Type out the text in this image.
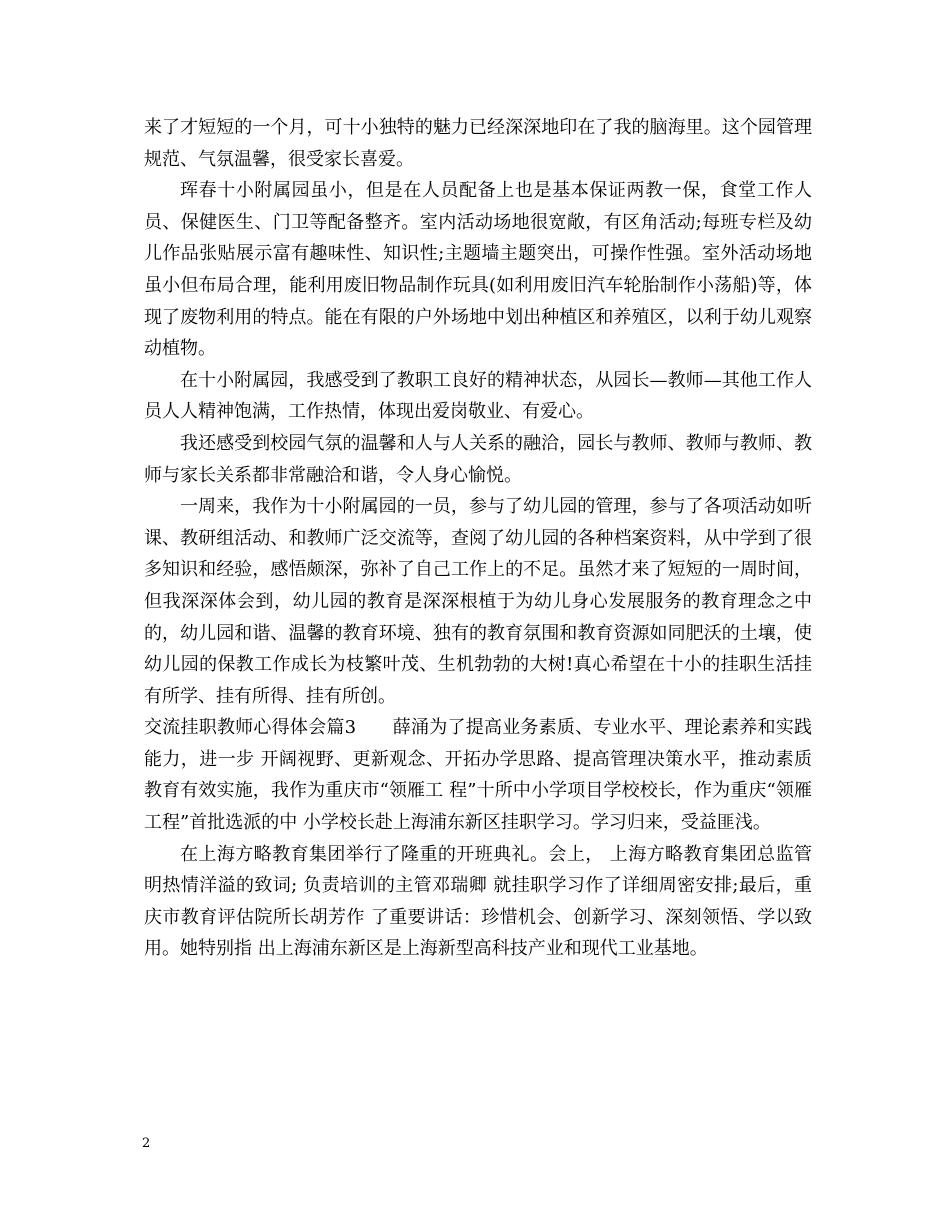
来了才短短的一个月，可十小独特的魅力已经深深地印在了我的脑海里。这个园管理规范、气氛温馨，很受家长喜爱。

珲春十小附属园虽小，但是在人员配备上也是基本保证两教一保，食堂工作人员、保健医生、门卫等配备整齐。室内活动场地很宽敞，有区角活动;每班专栏及幼儿作品张贴展示富有趣味性、知识性;主题墙主题突出，可操作性强。室外活动场地虽小但布局合理，能利用废旧物品制作玩具(如利用废旧汽车轮胎制作小荡船)等，体现了废物利用的特点。能在有限的户外场地中划出种植区和养殖区，以利于幼儿观察动植物。

在十小附属园，我感受到了教职工良好的精神状态，从园长—教师—其他工作人员人人精神饱满，工作热情，体现出爱岗敬业、有爱心。

我还感受到校园气氛的温馨和人与人关系的融洽，园长与教师、教师与教师、教师与家长关系都非常融洽和谐，令人身心愉悦。

一周来，我作为十小附属园的一员，参与了幼儿园的管理，参与了各项活动如听课、教研组活动、和教师广泛交流等，查阅了幼儿园的各种档案资料，从中学到了很多知识和经验，感悟颇深，弥补了自己工作上的不足。虽然才来了短短的一周时间，但我深深体会到，幼儿园的教育是深深根植于为幼儿身心发展服务的教育理念之中的，幼儿园和谐、温馨的教育环境、独有的教育氛围和教育资源如同肥沃的土壤，使幼儿园的保教工作成长为枝繁叶茂、生机勃勃的大树!真心希望在十小的挂职生活挂有所学、挂有所得、挂有所创。

交流挂职教师心得体会篇3　　薛涌为了提高业务素质、专业水平、理论素养和实践能力，进一步 开阔视野、更新观念、开拓办学思路、提高管理决策水平，推动素质 教育有效实施，我作为重庆市“领雁工 程”十所中小学项目学校校长，作为重庆“领雁工程”首批选派的中 小学校长赴上海浦东新区挂职学习。学习归来，受益匪浅。

在上海方略教育集团举行了隆重的开班典礼。会上， 上海方略教育集团总监管明热情洋溢的致词; 负责培训的主管邓瑞卿 就挂职学习作了详细周密安排;最后，重庆市教育评估院所长胡芳作 了重要讲话：珍惜机会、创新学习、深刻领悟、学以致用。她特别指 出上海浦东新区是上海新型高科技产业和现代工业基地。

2
